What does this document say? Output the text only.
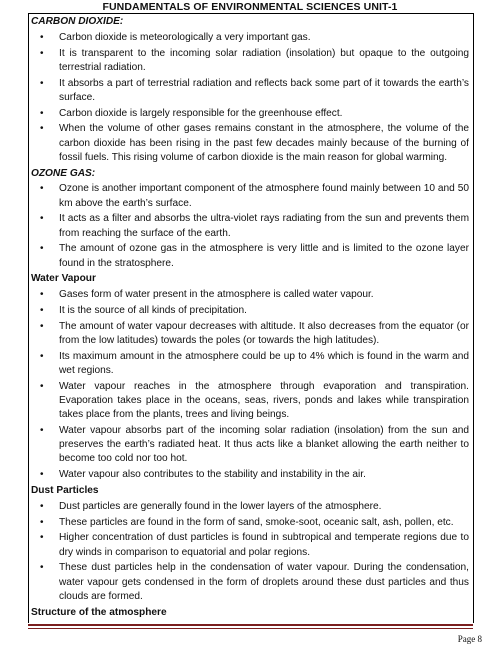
FUNDAMENTALS OF ENVIRONMENTAL SCIENCES UNIT-1

CARBON DIOXIDE:

• Carbon dioxide is meteorologically a very important gas.
• It is transparent to the incoming solar radiation (insolation) but opaque to the outgoing terrestrial radiation.
• It absorbs a part of terrestrial radiation and reflects back some part of it towards the earth’s surface.
• Carbon dioxide is largely responsible for the greenhouse effect.
• When the volume of other gases remains constant in the atmosphere, the volume of the carbon dioxide has been rising in the past few decades mainly because of the burning of fossil fuels. This rising volume of carbon dioxide is the main reason for global warming.

OZONE GAS:

• Ozone is another important component of the atmosphere found mainly between 10 and 50 km above the earth’s surface.
• It acts as a filter and absorbs the ultra-violet rays radiating from the sun and prevents them from reaching the surface of the earth.
• The amount of ozone gas in the atmosphere is very little and is limited to the ozone layer found in the stratosphere.

Water Vapour

• Gases form of water present in the atmosphere is called water vapour.
• It is the source of all kinds of precipitation.
• The amount of water vapour decreases with altitude. It also decreases from the equator (or from the low latitudes) towards the poles (or towards the high latitudes).
• Its maximum amount in the atmosphere could be up to 4% which is found in the warm and wet regions.
• Water vapour reaches in the atmosphere through evaporation and transpiration. Evaporation takes place in the oceans, seas, rivers, ponds and lakes while transpiration takes place from the plants, trees and living beings.
• Water vapour absorbs part of the incoming solar radiation (insolation) from the sun and preserves the earth’s radiated heat. It thus acts like a blanket allowing the earth neither to become too cold nor too hot.
• Water vapour also contributes to the stability and instability in the air.

Dust Particles

• Dust particles are generally found in the lower layers of the atmosphere.
• These particles are found in the form of sand, smoke-soot, oceanic salt, ash, pollen, etc.
• Higher concentration of dust particles is found in subtropical and temperate regions due to dry winds in comparison to equatorial and polar regions.
• These dust particles help in the condensation of water vapour. During the condensation, water vapour gets condensed in the form of droplets around these dust particles and thus clouds are formed.

Structure of the atmosphere

Page 8
